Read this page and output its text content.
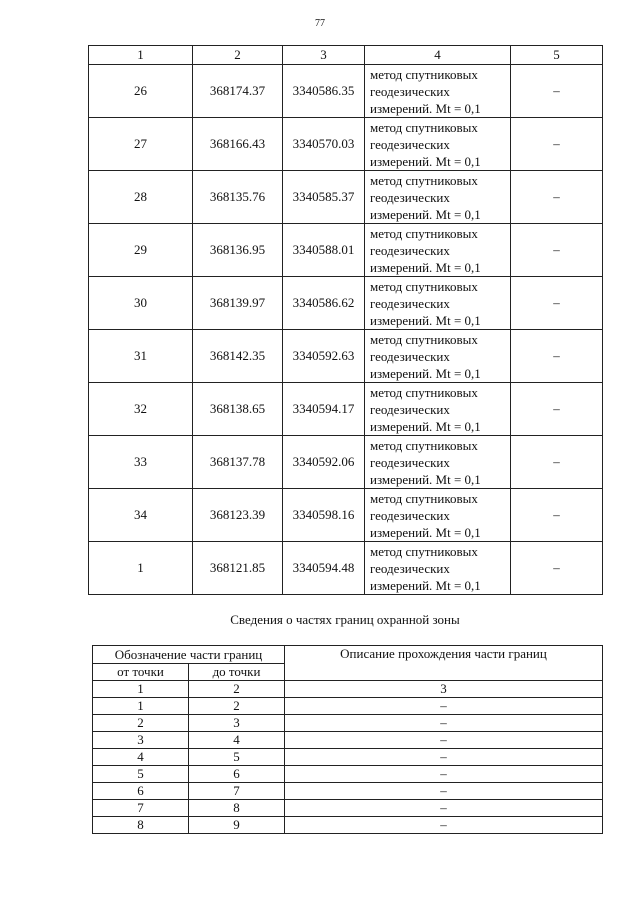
77
1	2	3	4	5
26	368174.37	3340586.35	метод спутниковых
геодезических
измерений. Mt = 0,1	–
27	368166.43	3340570.03	метод спутниковых
геодезических
измерений. Mt = 0,1	–
28	368135.76	3340585.37	метод спутниковых
геодезических
измерений. Mt = 0,1	–
29	368136.95	3340588.01	метод спутниковых
геодезических
измерений. Mt = 0,1	–
30	368139.97	3340586.62	метод спутниковых
геодезических
измерений. Mt = 0,1	–
31	368142.35	3340592.63	метод спутниковых
геодезических
измерений. Mt = 0,1	–
32	368138.65	3340594.17	метод спутниковых
геодезических
измерений. Mt = 0,1	–
33	368137.78	3340592.06	метод спутниковых
геодезических
измерений. Mt = 0,1	–
34	368123.39	3340598.16	метод спутниковых
геодезических
измерений. Mt = 0,1	–
1	368121.85	3340594.48	метод спутниковых
геодезических
измерений. Mt = 0,1	–
Сведения о частях границ охранной зоны
Обозначение части границ		Описание прохождения части границ
от точки	до точки	
1	2	3
1	2	–
2	3	–
3	4	–
4	5	–
5	6	–
6	7	–
7	8	–
8	9	–
